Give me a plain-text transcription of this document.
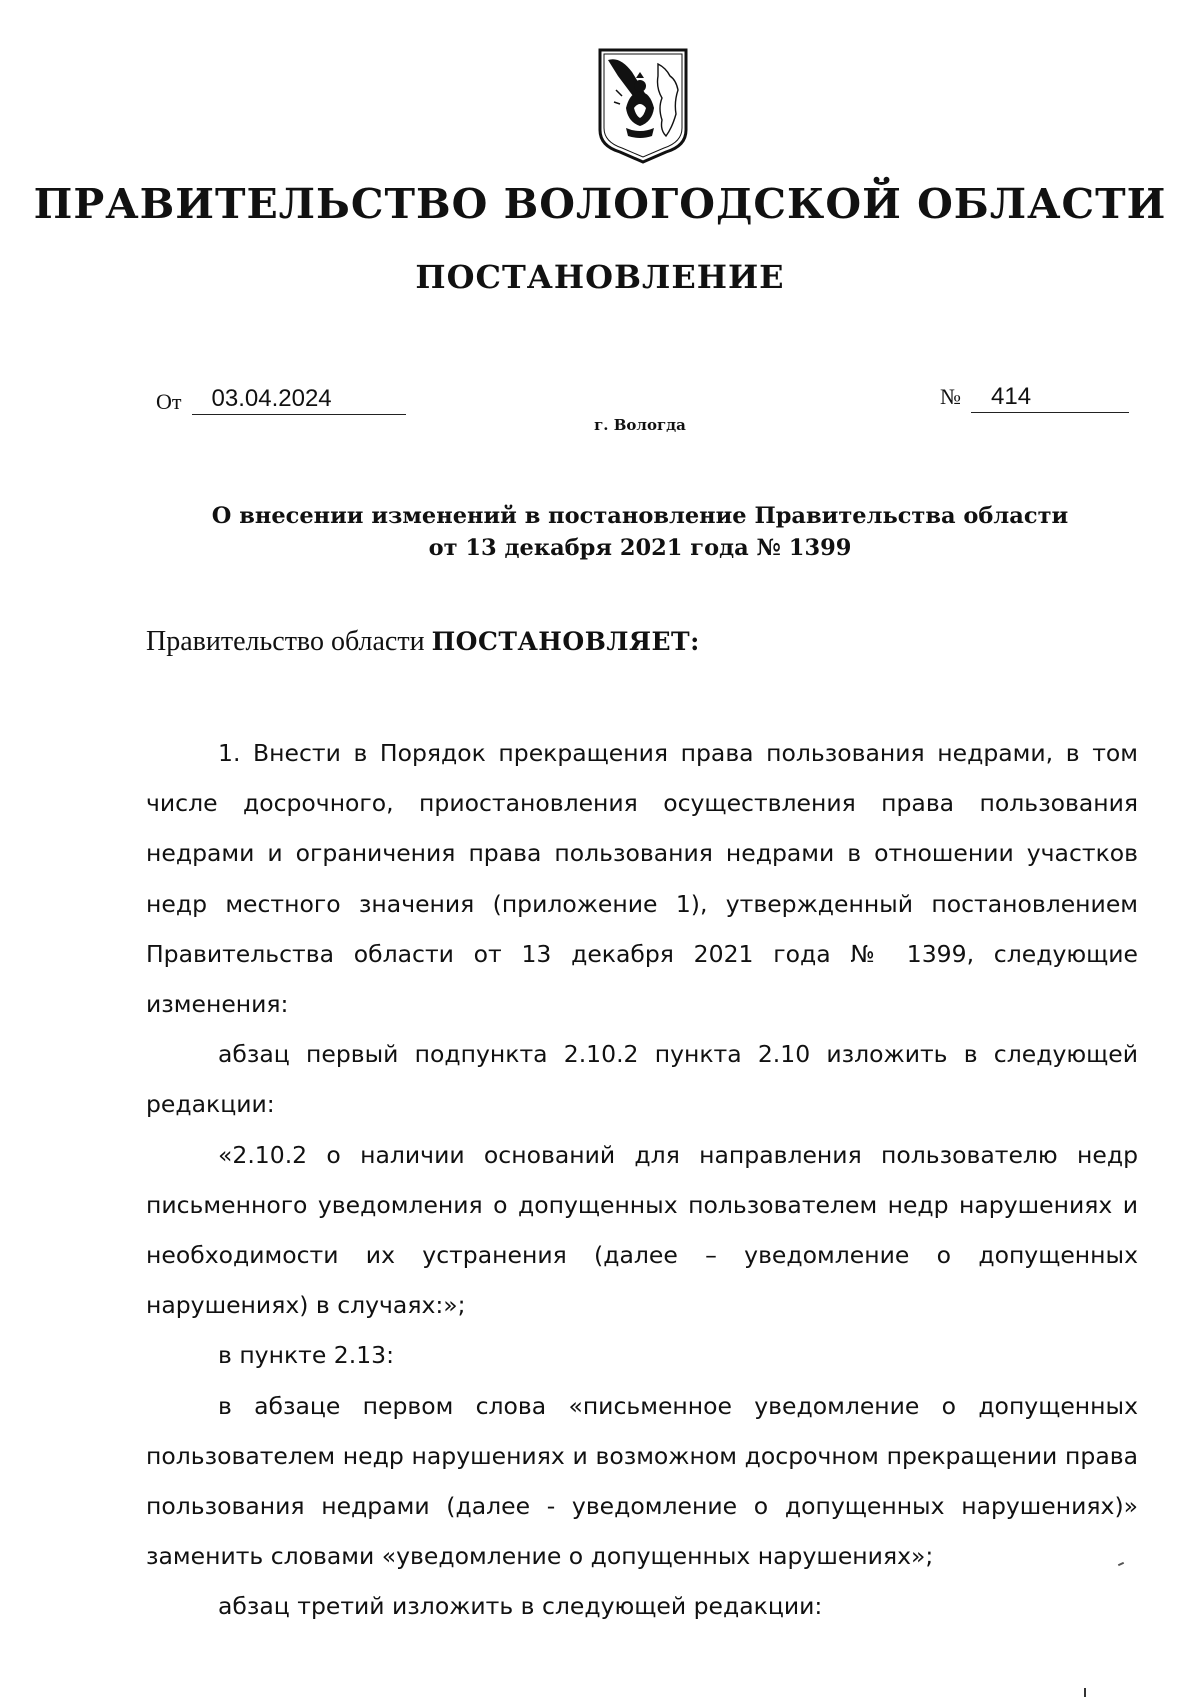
ПРАВИТЕЛЬСТВО ВОЛОГОДСКОЙ ОБЛАСТИ
ПОСТАНОВЛЕНИЕ
От 03.04.2024	№ 414
г. Вологда
О внесении изменений в постановление Правительства области
от 13 декабря 2021 года № 1399
Правительство области ПОСТАНОВЛЯЕТ:

1. Внести в Порядок прекращения права пользования недрами, в том числе досрочного, приостановления осуществления права пользования недрами и ограничения права пользования недрами в отношении участков недр местного значения (приложение 1), утвержденный постановлением Правительства области от 13 декабря 2021 года № 1399, следующие изменения:

абзац первый подпункта 2.10.2 пункта 2.10 изложить в следующей редакции:

«2.10.2 о наличии оснований для направления пользователю недр письменного уведомления о допущенных пользователем недр нарушениях и необходимости их устранения (далее – уведомление о допущенных нарушениях) в случаях:»;

в пункте 2.13:

в абзаце первом слова «письменное уведомление о допущенных пользователем недр нарушениях и возможном досрочном прекращении права пользования недрами (далее - уведомление о допущенных нарушениях)» заменить словами «уведомление о допущенных нарушениях»;

абзац третий изложить в следующей редакции:
